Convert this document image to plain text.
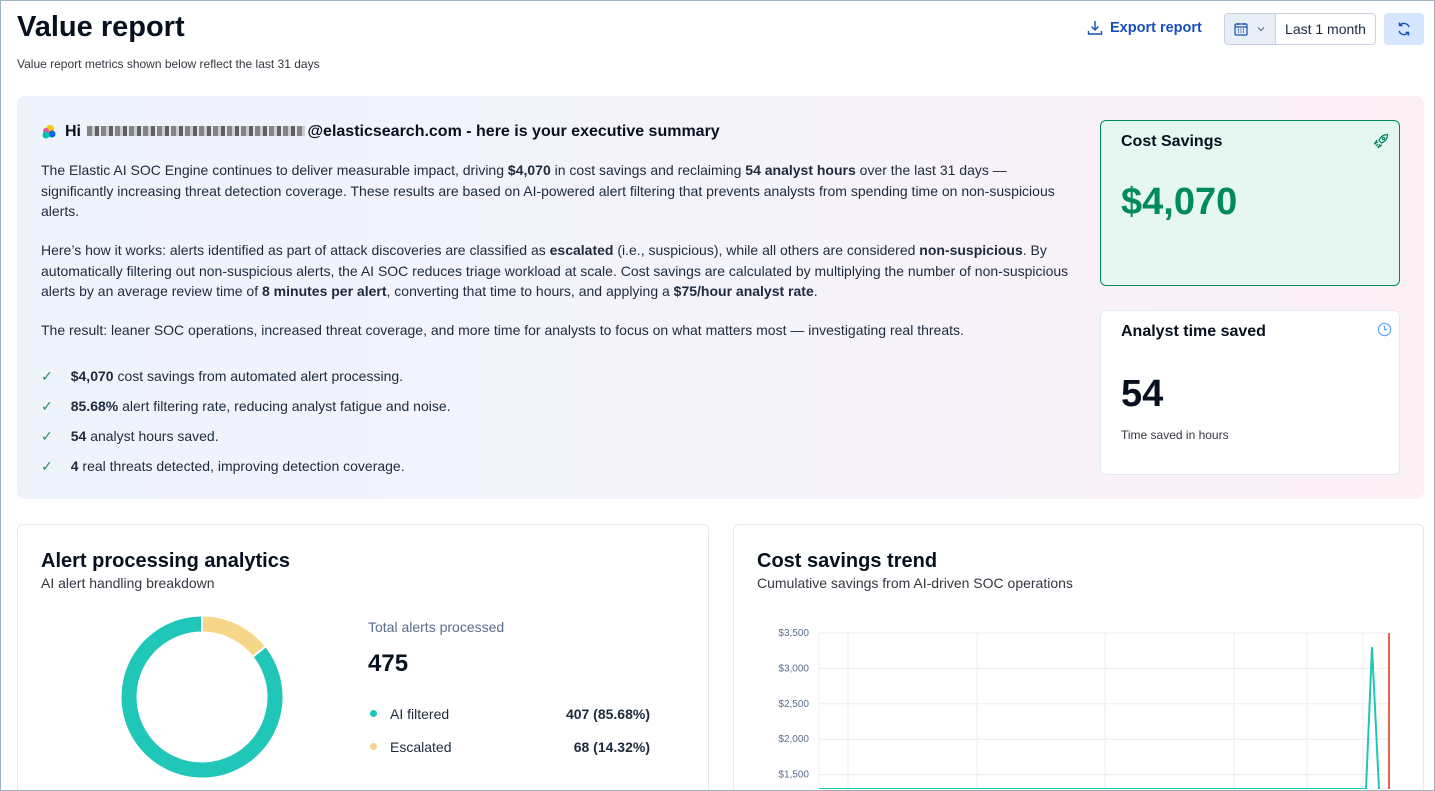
Value report
Value report metrics shown below reflect the last 31 days
Export report	Last 1 month
Hi	@elasticsearch.com - here is your executive summary
The Elastic AI SOC Engine continues to deliver measurable impact, driving $4,070 in cost savings and reclaiming 54 analyst hours over the last 31 days — significantly increasing threat detection coverage. These results are based on AI-powered alert filtering that prevents analysts from spending time on non-suspicious alerts.
Here’s how it works: alerts identified as part of attack discoveries are classified as escalated (i.e., suspicious), while all others are considered non-suspicious. By automatically filtering out non-suspicious alerts, the AI SOC reduces triage workload at scale. Cost savings are calculated by multiplying the number of non-suspicious alerts by an average review time of 8 minutes per alert, converting that time to hours, and applying a $75/hour analyst rate.
The result: leaner SOC operations, increased threat coverage, and more time for analysts to focus on what matters most — investigating real threats.
✓ $4,070 cost savings from automated alert processing.
✓ 85.68% alert filtering rate, reducing analyst fatigue and noise.
✓ 54 analyst hours saved.
✓ 4 real threats detected, improving detection coverage.
Cost Savings
$4,070
Analyst time saved
54
Time saved in hours
Alert processing analytics
AI alert handling breakdown
Total alerts processed
475
AI filtered	407 (85.68%)
Escalated	68 (14.32%)
Cost savings trend
Cumulative savings from AI-driven SOC operations
$1,500
$2,000
$2,500
$3,000
$3,500
